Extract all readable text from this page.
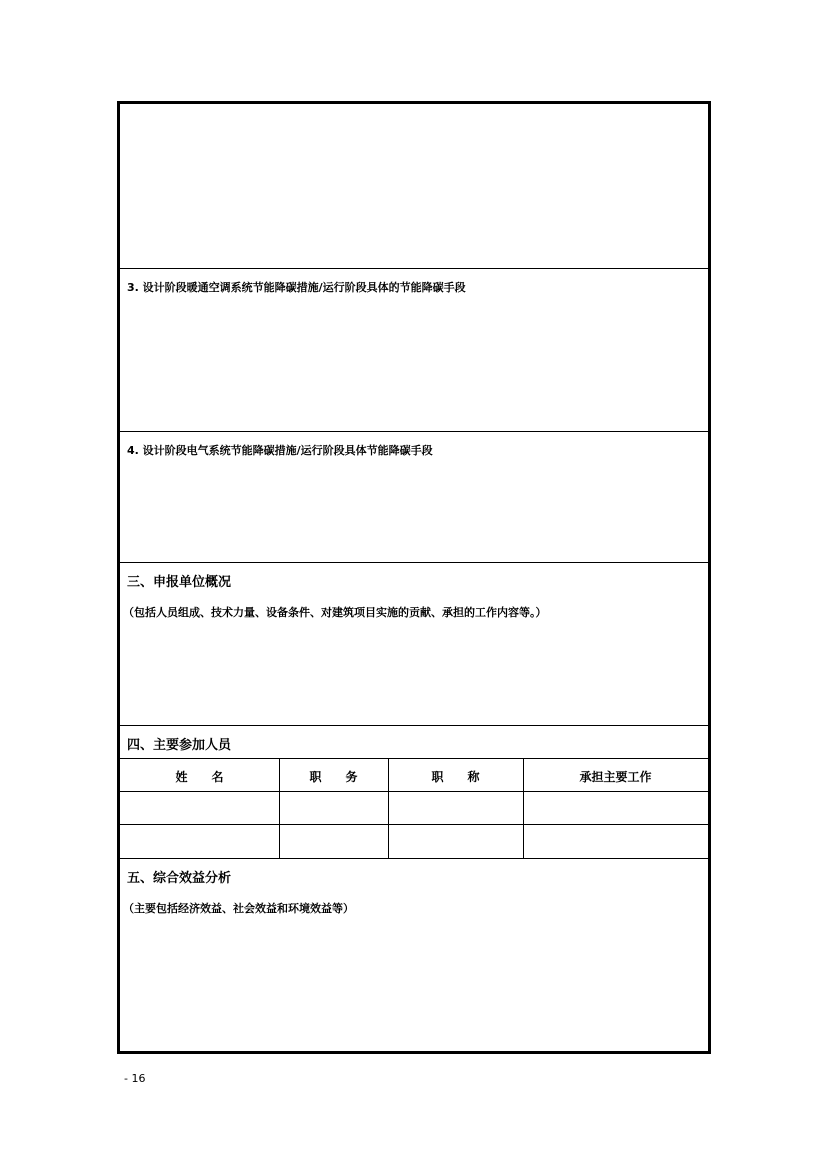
3. 设计阶段暖通空调系统节能降碳措施/运行阶段具体的节能降碳手段
4. 设计阶段电气系统节能降碳措施/运行阶段具体节能降碳手段
三、申报单位概况
（包括人员组成、技术力量、设备条件、对建筑项目实施的贡献、承担的工作内容等。）
四、主要参加人员
姓　　名	职　　务	职　　称	承担主要工作
五、综合效益分析
（主要包括经济效益、社会效益和环境效益等）
- 16
